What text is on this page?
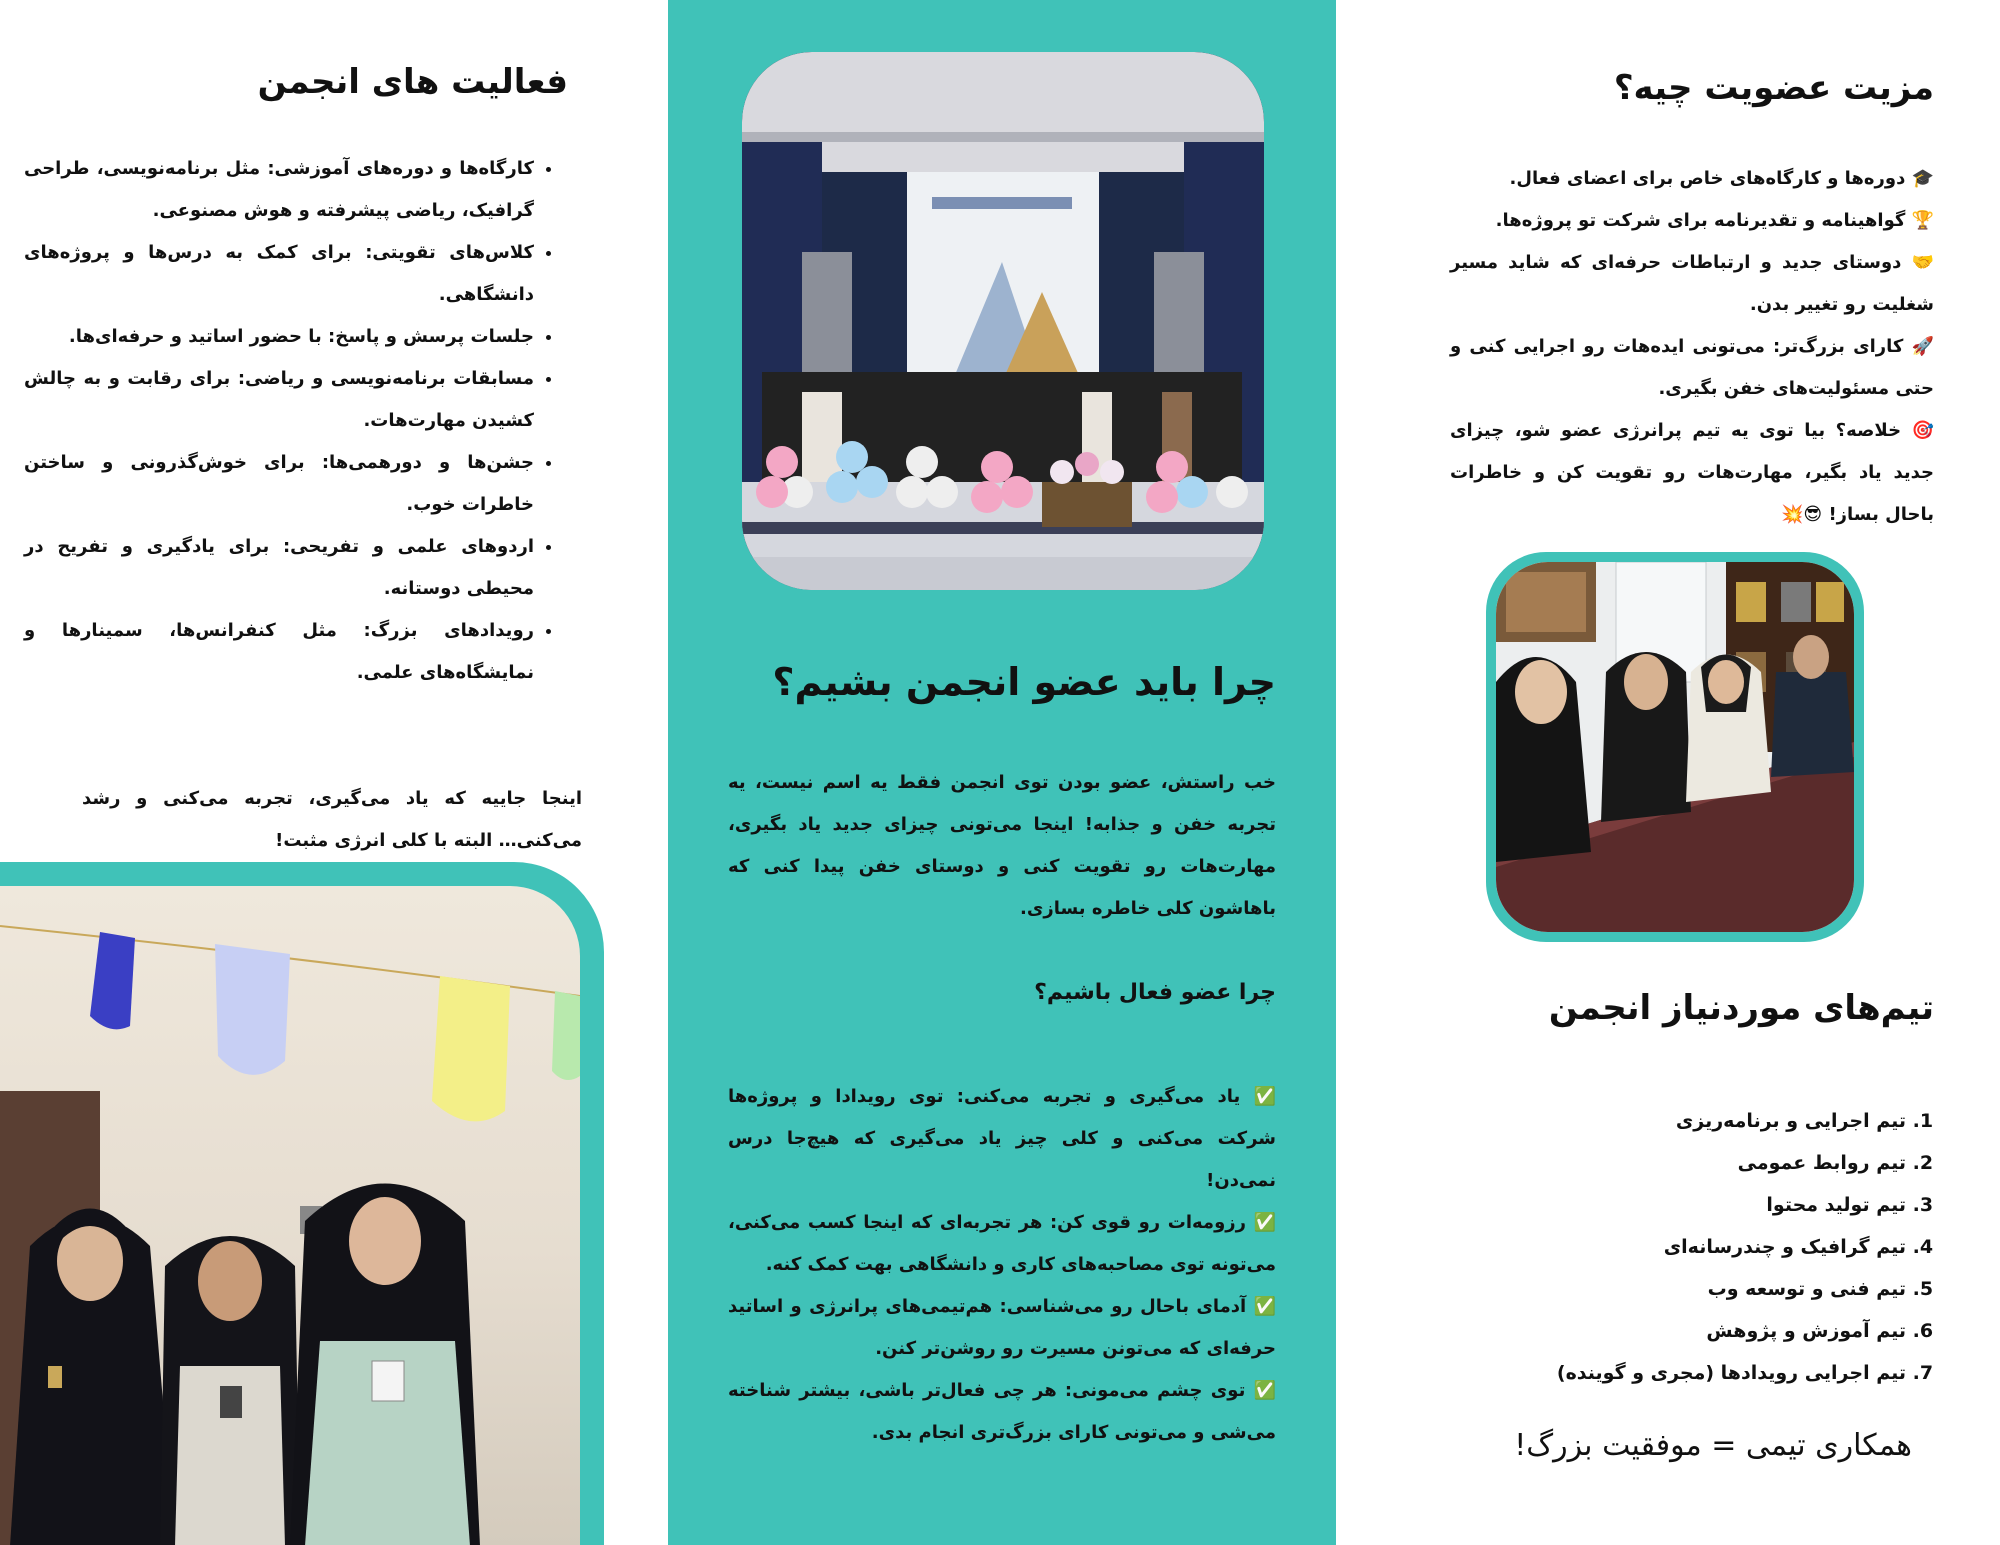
فعالیت های انجمن
• کارگاه‌ها و دوره‌های آموزشی: مثل برنامه‌نویسی، طراحی گرافیک، ریاضی پیشرفته و هوش مصنوعی.
• کلاس‌های تقویتی: برای کمک به درس‌ها و پروژه‌های دانشگاهی.
• جلسات پرسش و پاسخ: با حضور اساتید و حرفه‌ای‌ها.
• مسابقات برنامه‌نویسی و ریاضی: برای رقابت و به چالش کشیدن مهارت‌هات.
• جشن‌ها و دورهمی‌ها: برای خوش‌گذرونی و ساختن خاطرات خوب.
• اردوهای علمی و تفریحی: برای یادگیری و تفریح در محیطی دوستانه.
• رویدادهای بزرگ: مثل کنفرانس‌ها، سمینارها و نمایشگاه‌های علمی.

اینجا جاییه که یاد می‌گیری، تجربه می‌کنی و رشد می‌کنی… البته با کلی انرژی مثبت!

چرا باید عضو انجمن بشیم؟

خب راستش، عضو بودن توی انجمن فقط یه اسم نیست، یه تجربه خفن و جذابه! اینجا می‌تونی چیزای جدید یاد بگیری، مهارت‌هات رو تقویت کنی و دوستای خفن پیدا کنی که باهاشون کلی خاطره بسازی.

چرا عضو فعال باشیم؟

✅ یاد می‌گیری و تجربه می‌کنی: توی رویدادا و پروژه‌ها شرکت می‌کنی و کلی چیز یاد می‌گیری که هیچ‌جا درس نمی‌دن!

✅ رزومه‌ات رو قوی کن: هر تجربه‌ای که اینجا کسب می‌کنی، می‌تونه توی مصاحبه‌های کاری و دانشگاهی بهت کمک کنه.

✅ آدمای باحال رو می‌شناسی: هم‌تیمی‌های پرانرژی و اساتید حرفه‌ای که می‌تونن مسیرت رو روشن‌تر کنن.

✅ توی چشم می‌مونی: هر چی فعال‌تر باشی، بیشتر شناخته می‌شی و می‌تونی کارای بزرگ‌تری انجام بدی.

مزیت عضویت چیه؟

🎓 دوره‌ها و کارگاه‌های خاص برای اعضای فعال.

🏆 گواهینامه و تقدیرنامه برای شرکت تو پروژه‌ها.

🤝 دوستای جدید و ارتباطات حرفه‌ای که شاید مسیر شغلیت رو تغییر بدن.

🚀 کارای بزرگ‌تر: می‌تونی ایده‌هات رو اجرایی کنی و حتی مسئولیت‌های خفن بگیری.

🎯 خلاصه؟ بیا توی یه تیم پرانرژی عضو شو، چیزای جدید یاد بگیر، مهارت‌هات رو تقویت کن و خاطرات باحال بساز! 😎💥

تیم‌های موردنیاز انجمن
1. تیم اجرایی و برنامه‌ریزی
2. تیم روابط عمومی
3. تیم تولید محتوا
4. تیم گرافیک و چندرسانه‌ای
5. تیم فنی و توسعه وب
6. تیم آموزش و پژوهش
7. تیم اجرایی رویدادها (مجری و گوینده)
همکاری تیمی = موفقیت بزرگ!
